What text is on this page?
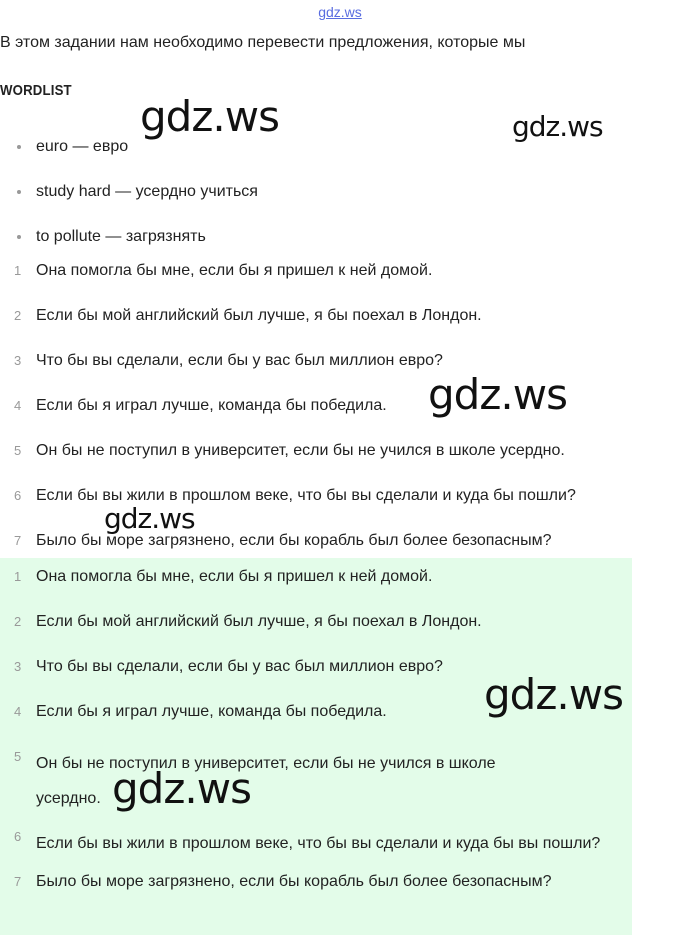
gdz.ws
В этом задании нам необходимо перевести предложения, которые мы
WORDLIST
euro — евро
study hard — усердно учиться
to pollute — загрязнять
1 Она помогла бы мне, если бы я пришел к ней домой.
2 Если бы мой английский был лучше, я бы поехал в Лондон.
3 Что бы вы сделали, если бы у вас был миллион евро?
4 Если бы я играл лучше, команда бы победила.
5 Он бы не поступил в университет, если бы не учился в школе усердно.
6 Если бы вы жили в прошлом веке, что бы вы сделали и куда бы пошли?
7 Было бы море загрязнено, если бы корабль был более безопасным?
1 Она помогла бы мне, если бы я пришел к ней домой.
2 Если бы мой английский был лучше, я бы поехал в Лондон.
3 Что бы вы сделали, если бы у вас был миллион евро?
4 Если бы я играл лучше, команда бы победила.
5 Он бы не поступил в университет, если бы не учился в школе усердно.
6 Если бы вы жили в прошлом веке, что бы вы сделали и куда бы вы пошли?
7 Было бы море загрязнено, если бы корабль был более безопасным?
gdz.ws	gdz.ws
gdz.ws
gdz.ws
gdz.ws
gdz.ws
